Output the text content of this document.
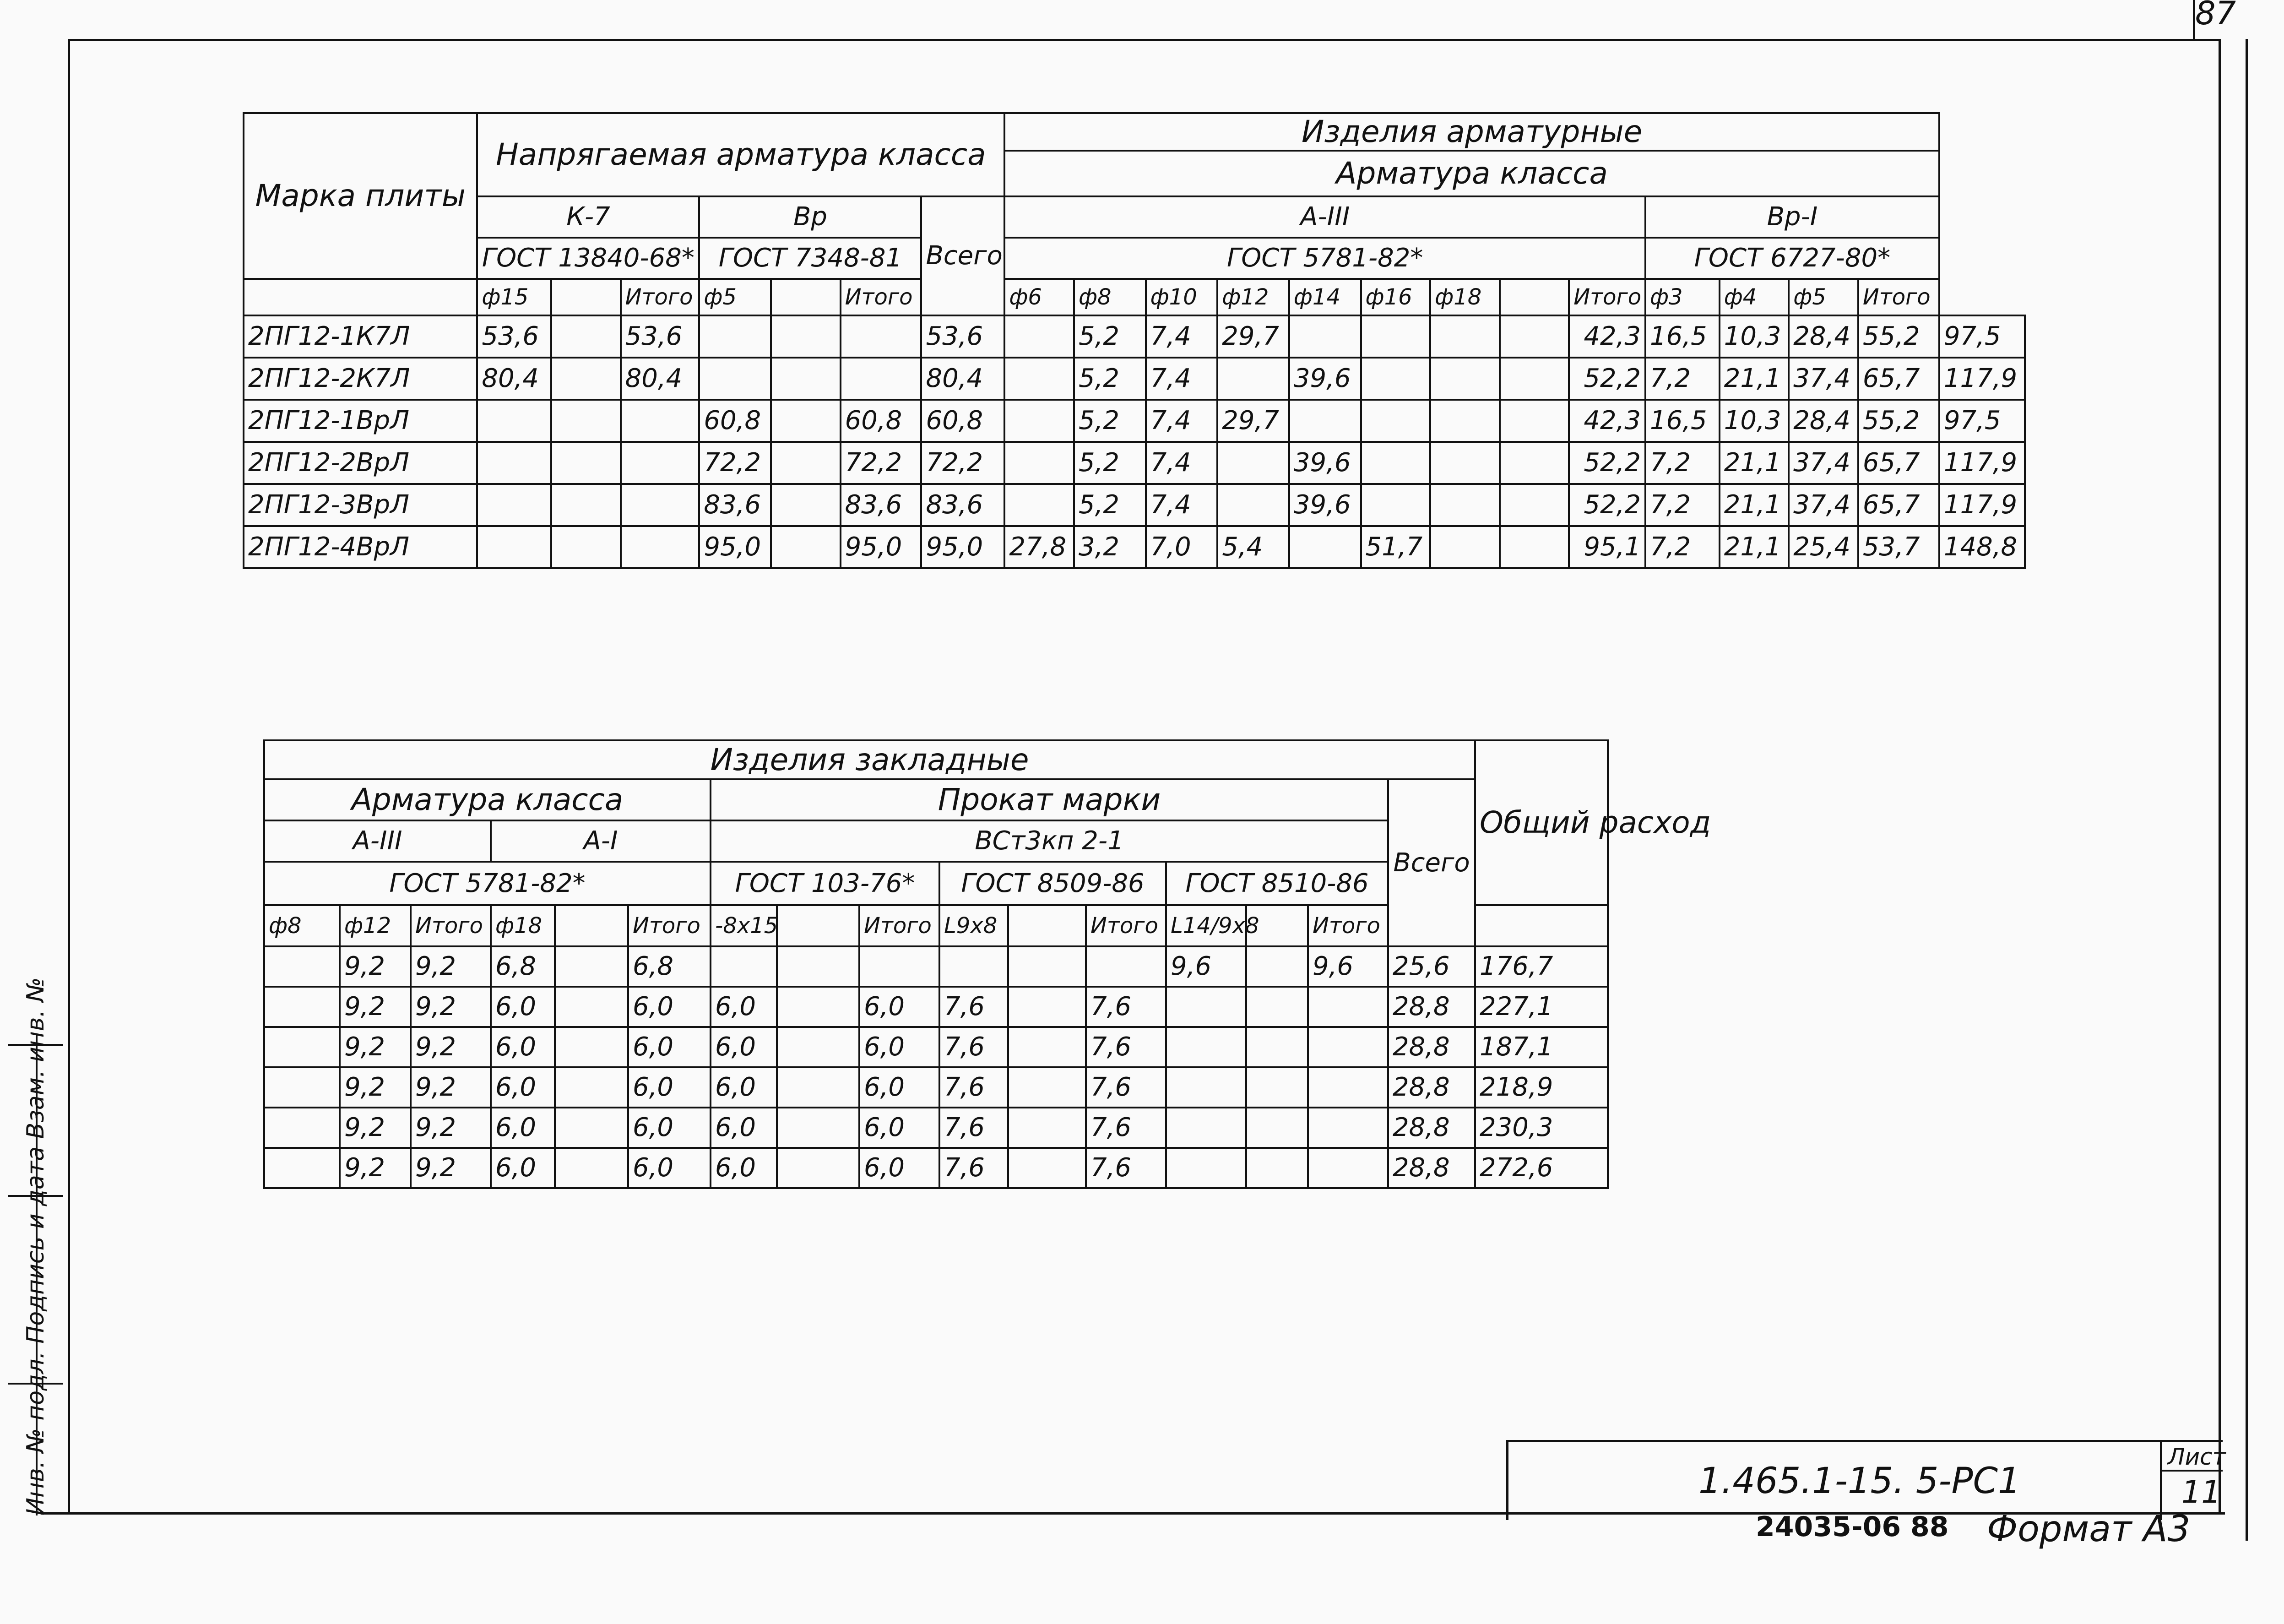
87
Марка плиты	Напрягаемая арматура класса							Изделия арматурные													
								Арматура класса													
	К-7			Вр			Всего	А-III									Вр-I				
	ГОСТ 13840-68*			ГОСТ 7348-81				ГОСТ 5781-82*									ГОСТ 6727-80*				
	ф15		Итого	ф5		Итого		ф6	ф8	ф10	ф12	ф14	ф16	ф18		Итого	ф3	ф4	ф5	Итого	
2ПГ12-1К7Л	53,6		53,6				53,6		5,2	7,4	29,7					42,3	16,5	10,3	28,4	55,2	97,5
2ПГ12-2К7Л	80,4		80,4				80,4		5,2	7,4		39,6				52,2	7,2	21,1	37,4	65,7	117,9
2ПГ12-1ВрЛ				60,8		60,8	60,8		5,2	7,4	29,7					42,3	16,5	10,3	28,4	55,2	97,5
2ПГ12-2ВрЛ				72,2		72,2	72,2		5,2	7,4		39,6				52,2	7,2	21,1	37,4	65,7	117,9
2ПГ12-3ВрЛ				83,6		83,6	83,6		5,2	7,4		39,6				52,2	7,2	21,1	37,4	65,7	117,9
2ПГ12-4ВрЛ				95,0		95,0	95,0	27,8	3,2	7,0	5,4		51,7			95,1	7,2	21,1	25,4	53,7	148,8
Изделия закладные																Общий расход
Арматура класса						Прокат марки									Всего	
А-III			А-I			ВСт3кп 2-1										
ГОСТ 5781-82*						ГОСТ 103-76*			ГОСТ 8509-86			ГОСТ 8510-86				
ф8	ф12	Итого	ф18		Итого	-8х15		Итого	L9х8		Итого	L14/9х8		Итого		
	9,2	9,2	6,8		6,8							9,6		9,6	25,6	176,7
	9,2	9,2	6,0		6,0	6,0		6,0	7,6		7,6				28,8	227,1
	9,2	9,2	6,0		6,0	6,0		6,0	7,6		7,6				28,8	187,1
	9,2	9,2	6,0		6,0	6,0		6,0	7,6		7,6				28,8	218,9
	9,2	9,2	6,0		6,0	6,0		6,0	7,6		7,6				28,8	230,3
	9,2	9,2	6,0		6,0	6,0		6,0	7,6		7,6				28,8	272,6
Инв. № подл. Подпись и дата Взам. инв. №	1.465.1-15. 5-РС1
Лист
11
24035-06 88 Формат А3
